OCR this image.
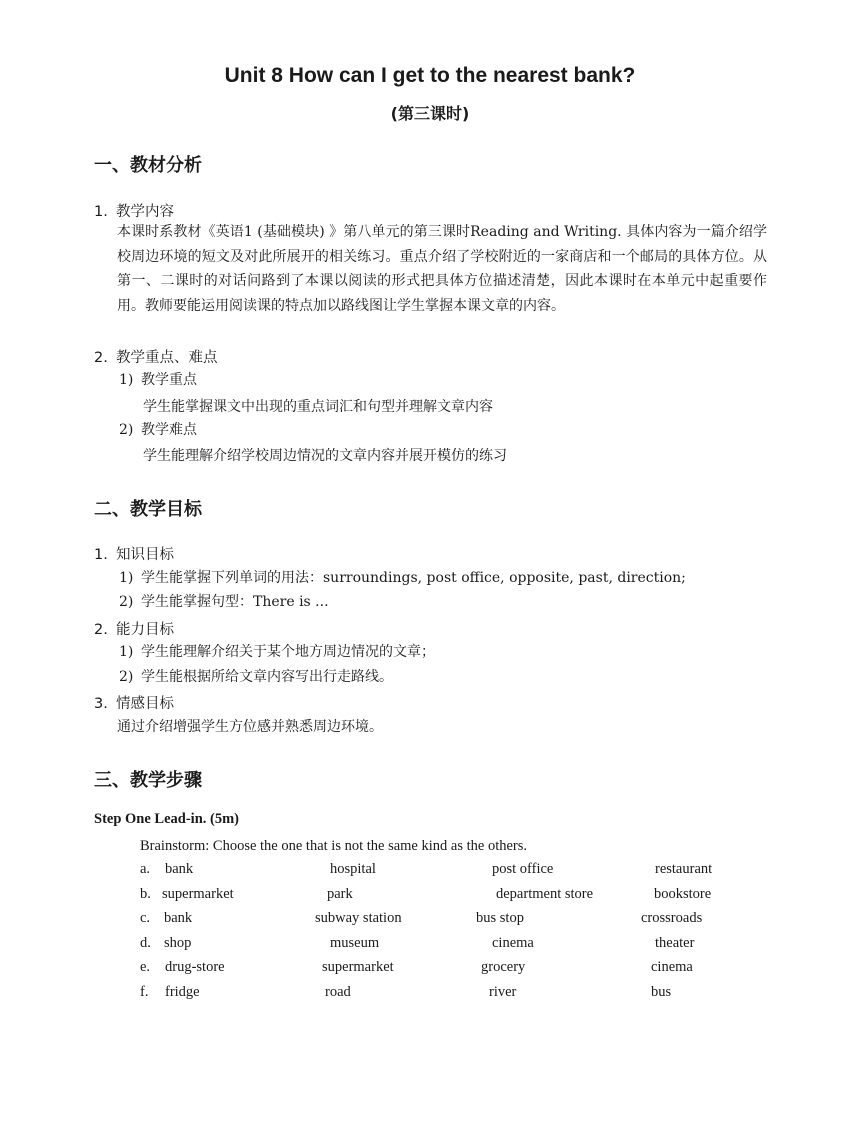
Unit 8 How can I get to the nearest bank?
(第三课时)
一、教材分析
1. 教学内容
本课时系教材《英语1 (基础模块) 》第八单元的第三课时Reading and Writing. 具体内容为一篇介绍学校周边环境的短文及对此所展开的相关练习。重点介绍了学校附近的一家商店和一个邮局的具体方位。从第一、二课时的对话问路到了本课以阅读的形式把具体方位描述清楚，因此本课时在本单元中起重要作用。教师要能运用阅读课的特点加以路线图让学生掌握本课文章的内容。
2. 教学重点、难点
1) 教学重点
学生能掌握课文中出现的重点词汇和句型并理解文章内容
2) 教学难点
学生能理解介绍学校周边情况的文章内容并展开模仿的练习
二、教学目标
1. 知识目标
1) 学生能掌握下列单词的用法：surroundings, post office, opposite, past, direction;
2) 学生能掌握句型：There is ...
2. 能力目标
1) 学生能理解介绍关于某个地方周边情况的文章；
2) 学生能根据所给文章内容写出行走路线。
3. 情感目标
通过介绍增强学生方位感并熟悉周边环境。
三、教学步骤
Step One Lead-in. (5m)
Brainstorm: Choose the one that is not the same kind as the others.
a. bank	hospital	post office	restaurant
b. supermarket	park	department store	bookstore
c. bank	subway station	bus stop	crossroads
d. shop	museum	cinema	theater
e. drug-store	supermarket	grocery	cinema
f. fridge	road	river	bus
